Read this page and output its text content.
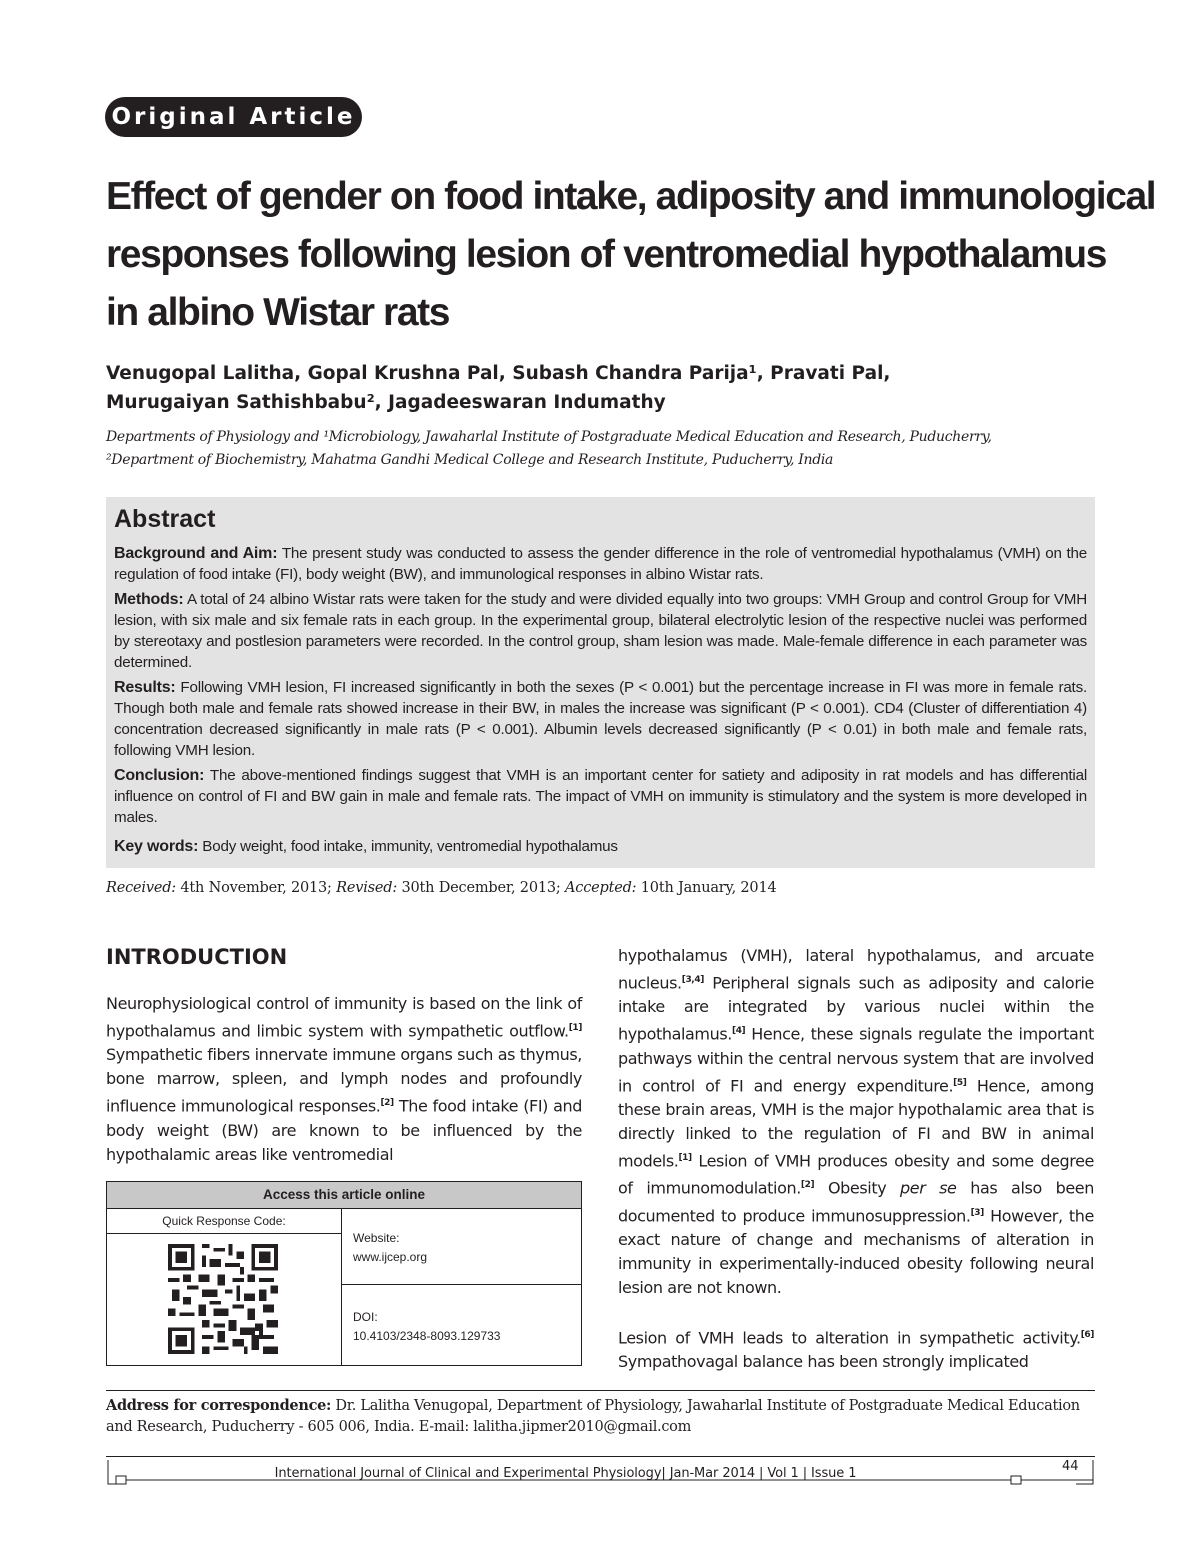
Original Article
Effect of gender on food intake, adiposity and immunological
responses following lesion of ventromedial hypothalamus
in albino Wistar rats
Venugopal Lalitha, Gopal Krushna Pal, Subash Chandra Parija¹, Pravati Pal,
Murugaiyan Sathishbabu², Jagadeeswaran Indumathy
Departments of Physiology and ¹Microbiology, Jawaharlal Institute of Postgraduate Medical Education and Research, Puducherry,
²Department of Biochemistry, Mahatma Gandhi Medical College and Research Institute, Puducherry, India
Abstract

Background and Aim: The present study was conducted to assess the gender difference in the role of ventromedial hypothalamus (VMH) on the regulation of food intake (FI), body weight (BW), and immunological responses in albino Wistar rats.

Methods: A total of 24 albino Wistar rats were taken for the study and were divided equally into two groups: VMH Group and control Group for VMH lesion, with six male and six female rats in each group. In the experimental group, bilateral electrolytic lesion of the respective nuclei was performed by stereotaxy and postlesion parameters were recorded. In the control group, sham lesion was made. Male-female difference in each parameter was determined.

Results: Following VMH lesion, FI increased significantly in both the sexes (P < 0.001) but the percentage increase in FI was more in female rats. Though both male and female rats showed increase in their BW, in males the increase was significant (P < 0.001). CD4 (Cluster of differentiation 4) concentration decreased significantly in male rats (P < 0.001). Albumin levels decreased significantly (P < 0.01) in both male and female rats, following VMH lesion.

Conclusion: The above-mentioned findings suggest that VMH is an important center for satiety and adiposity in rat models and has differential influence on control of FI and BW gain in male and female rats. The impact of VMH on immunity is stimulatory and the system is more developed in males.

Key words: Body weight, food intake, immunity, ventromedial hypothalamus

Received: 4th November, 2013; Revised: 30th December, 2013; Accepted: 10th January, 2014
INTRODUCTION

Neurophysiological control of immunity is based on the link of hypothalamus and limbic system with sympathetic outflow.[1] Sympathetic fibers innervate immune organs such as thymus, bone marrow, spleen, and lymph nodes and profoundly influence immunological responses.[2] The food intake (FI) and body weight (BW) are known to be influenced by the hypothalamic areas like ventromedial

Access this article online
Quick Response Code:
Website:
www.ijcep.org
DOI:
10.4103/2348-8093.129733

hypothalamus (VMH), lateral hypothalamus, and arcuate nucleus.[3,4] Peripheral signals such as adiposity and calorie intake are integrated by various nuclei within the hypothalamus.[4] Hence, these signals regulate the important pathways within the central nervous system that are involved in control of FI and energy expenditure.[5] Hence, among these brain areas, VMH is the major hypothalamic area that is directly linked to the regulation of FI and BW in animal models.[1] Lesion of VMH produces obesity and some degree of immunomodulation.[2] Obesity per se has also been documented to produce immunosuppression.[3] However, the exact nature of change and mechanisms of alteration in immunity in experimentally-induced obesity following neural lesion are not known.

Lesion of VMH leads to alteration in sympathetic activity.[6] Sympathovagal balance has been strongly implicated

Address for correspondence: Dr. Lalitha Venugopal, Department of Physiology, Jawaharlal Institute of Postgraduate Medical Education and Research, Puducherry - 605 006, India. E-mail: lalitha.jipmer2010@gmail.com
International Journal of Clinical and Experimental Physiology| Jan-Mar 2014 | Vol 1 | Issue 1	44
